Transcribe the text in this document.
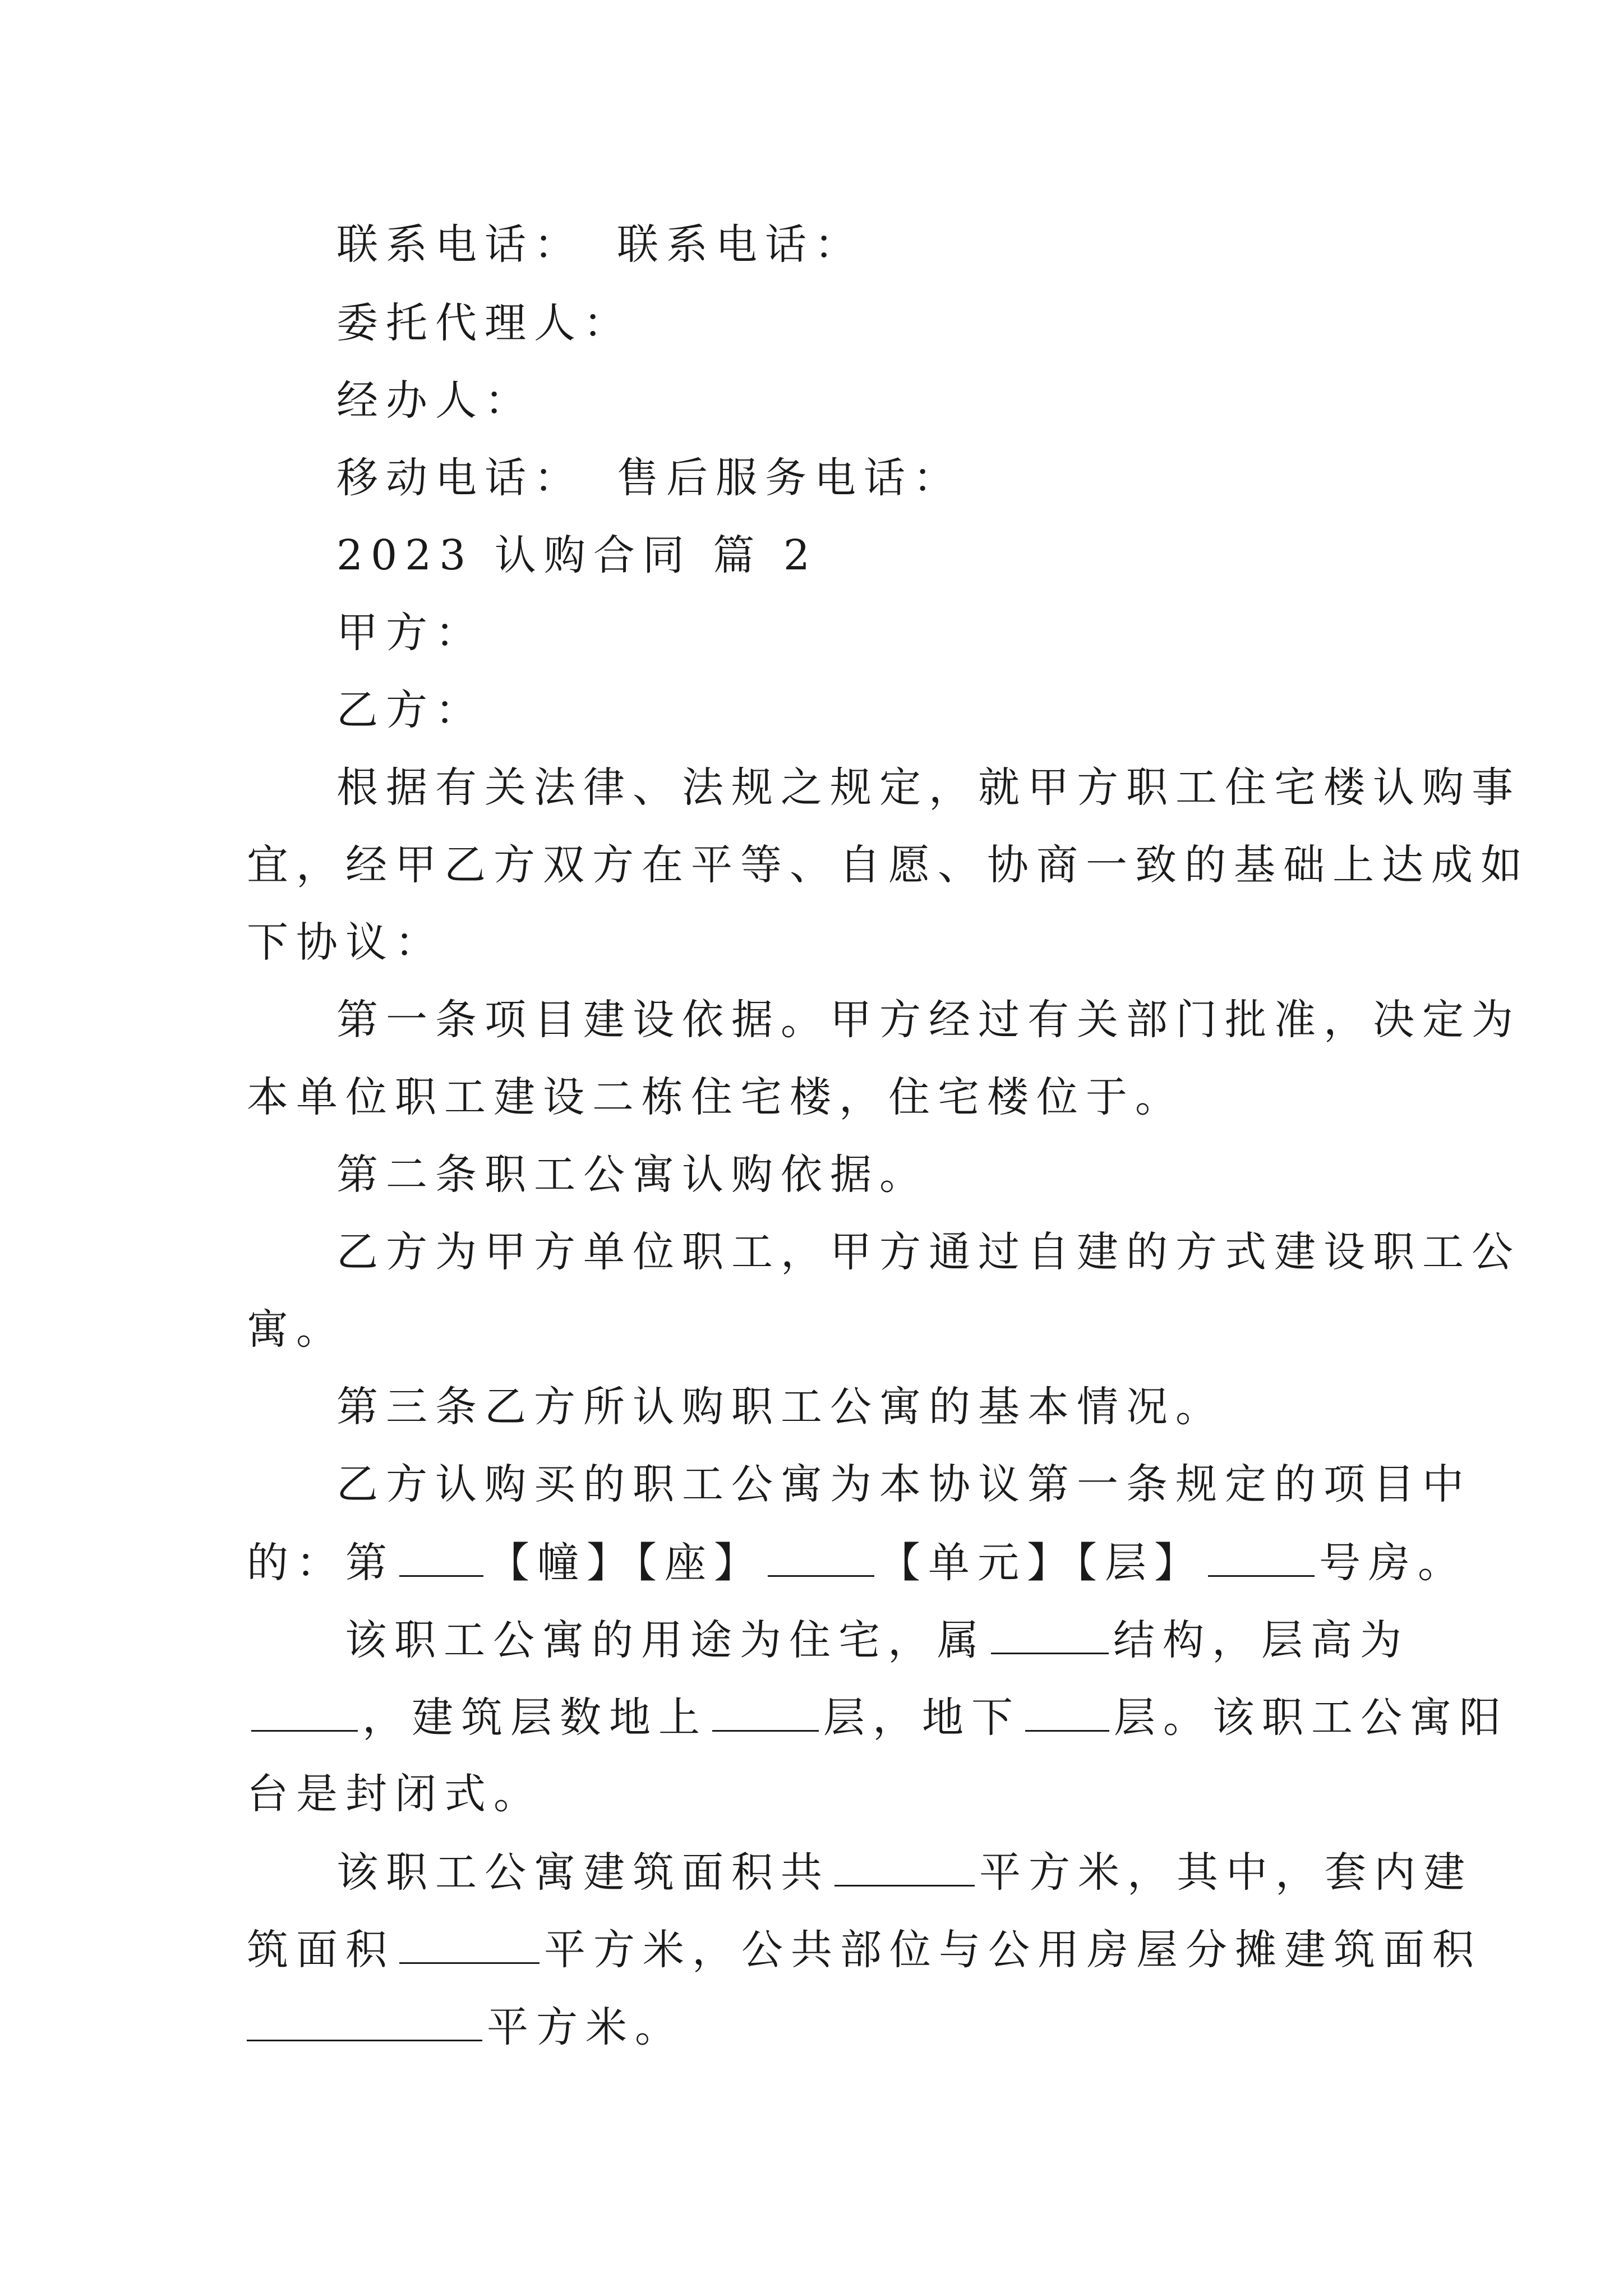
联系电话： 联系电话：
委托代理人：
经办人：
移动电话： 售后服务电话：
2023 认购合同 篇 2
甲方：
乙方：
根据有关法律、法规之规定，就甲方职工住宅楼认购事
宜，经甲乙方双方在平等、自愿、协商一致的基础上达成如
下协议：
第一条项目建设依据。甲方经过有关部门批准，决定为
本单位职工建设二栋住宅楼，住宅楼位于。
第二条职工公寓认购依据。
乙方为甲方单位职工，甲方通过自建的方式建设职工公
寓。
第三条乙方所认购职工公寓的基本情况。
乙方认购买的职工公寓为本协议第一条规定的项目中
的：第 【幢】【座】	【单元】【层】	号房。
该职工公寓的用途为住宅，属	结构，层高为
，建筑层数地上	层，地下 层。该职工公寓阳
台是封闭式。
该职工公寓建筑面积共	平方米，其中，套内建
筑面积	平方米，公共部位与公用房屋分摊建筑面积
平方米。
